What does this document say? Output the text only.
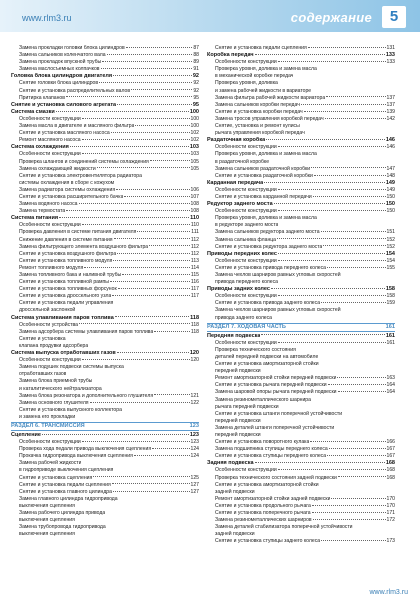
www.rlm3.ru	содержание	5
Замена прокладки головки блока цилиндров	87
Замена сальников коленчатого вала	88
Замена прокладок впускной трубы	89
Замена маслосъемных колпачков	91
Головка блока цилиндров двигателя	92
Снятие головки блока цилиндров	92
Снятие и установка распределительных валов	92
Притирка клапанов	95
Снятие и установка силового агрегата	95
Система смазки	100
Особенности конструкции	100
Замена масла в двигателе и масляного фильтра	100
Снятие и установка масляного насоса	102
Ремонт масляного насоса	102
Система охлаждения	103
Особенности конструкции	103
Проверка шлангов и соединений системы охлаждения	105
Замена охлаждающей жидкости	105
Снятие и установка электровентилятора радиатора
системы охлаждения в сборе с кожухом
Замена радиатора системы охлаждения	106
Снятие и установка расширительного бачка	107
Замена водяного насоса	108
Замена термостата	108
Система питания	110
Особенности конструкции	110
Проверка давления в системе питания двигателя	111
Снижение давления в системе питания	112
Замена фильтрующего элемента воздушного фильтра	112
Снятие и установка воздушного фильтра	112
Снятие и установка топливного модуля	113
Ремонт топливного модуля	114
Замена топливного бака и наливной трубы	115
Снятие и установка топливной рампы	116
Снятие и установка топливных форсунок	117
Снятие и установка дроссельного узла	117
Снятие и установка педали управления
дроссельной заслонкой
Система улавливания паров топлива	118
Особенности устройства	118
Замена адсорбера системы улавливания паров топлива	118
Снятие и установка
клапана продувки адсорбера
Система выпуска отработавших газов	120
Особенности конструкции	120
Замена подушек подвески системы выпуска
отработавших газов
Замена блока приемной трубы
и каталитического нейтрализатора
Замена блока резонатора и дополнительного глушителя	121
Замена основного глушителя	122
Снятие и установка выпускного коллектора
и замена его прокладки
РАЗДЕЛ 6. ТРАНСМИССИЯ	123
Сцепление	123
Особенности конструкции	123
Проверка хода педали привода выключения сцепления	124
Прокачка гидропривода выключения сцепления	124
Замена рабочей жидкости
в гидроприводе выключения сцепления
Снятие и установка сцепления	125
Снятие и установка педали сцепления	127
Снятие и установка главного цилиндра	127
Замена главного цилиндра гидропривода
выключения сцепления
Замена рабочего цилиндра привода
выключения сцепления
Замена трубопровода гидропривода
выключения сцепления
Снятие и установка педали сцепления	131
Коробка передач	133
Особенности конструкции	133
Проверка уровня, доливка и замена масла
в механической коробке передач
Проверка уровня, доливка
и замена рабочей жидкости в вариаторе
Замена фильтра рабочей жидкости вариатора	137
Замена сальников коробки передач	137
Снятие и установка коробки передач	139
Замена тросов управления коробкой передач	142
Снятие, установка и ремонт кулисы
рычага управления коробкой передач
Раздаточная коробка	146
Особенности конструкции	146
Проверка уровня, доливка и замена масла
в раздаточной коробке
Замена сальников раздаточной коробки	147
Снятие и установка раздаточной коробки	148
Карданная передача	149
Особенности конструкции	149
Снятие и установка карданной передачи	150
Редуктор заднего моста	150
Особенности конструкции	150
Проверка уровня, доливка и замена масла
в редукторе заднего моста
Замена сальников редуктора заднего моста	151
Замена сальника фланца	152
Снятие и установка редуктора заднего моста	152
Приводы передних колес	154
Особенности конструкции	154
Снятие и установка привода переднего колеса	155
Замена чехлов шарниров равных угловых скоростей
привода переднего колеса
Приводы задних колес	158
Особенности конструкции	158
Снятие и установка привода заднего колеса	159
Замена чехлов шарниров равных угловых скоростей
привода заднего колеса
РАЗДЕЛ 7. ХОДОВАЯ ЧАСТЬ	161
Передняя подвеска	161
Особенности конструкции	161
Проверка технического состояния
деталей передней подвески на автомобиле
Снятие и установка амортизаторной стойки
передней подвески
Ремонт амортизаторной стойки передней подвески	163
Снятие и установка рычага передней подвески	164
Замена шаровой опоры рычага передней подвески	164
Замена резинометаллического шарнира
рычага передней подвески
Снятие и установка штанги поперечной устойчивости
передней подвески
Замена деталей штанги поперечной устойчивости
передней подвески
Снятие и установка поворотного кулака	166
Замена подшипника ступицы переднего колеса	167
Снятие и установка ступицы переднего колеса	167
Задняя подвеска	168
Особенности конструкции	168
Проверка технического состояния задней подвески	168
Снятие и установка амортизаторной стойки
задней подвески
Ремонт амортизаторной стойки задней подвески	170
Снятие и установка продольного рычага	170
Снятие и установка поперечного рычага	171
Замена резинометаллических шарниров	172
Замена деталей стабилизатора поперечной устойчивости
задней подвески
Снятие и установка ступицы заднего колеса	173
www.rlm3.ru
